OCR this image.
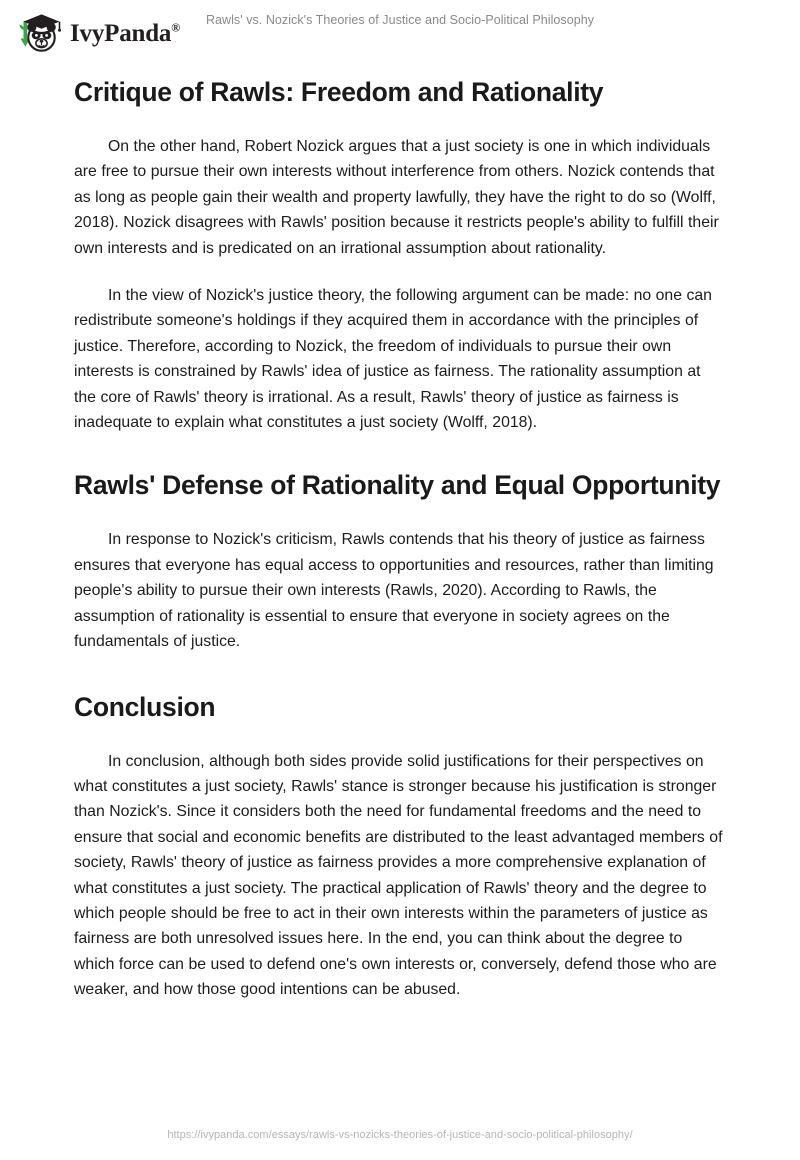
IvyPanda®
Rawls' vs. Nozick's Theories of Justice and Socio-Political Philosophy
Critique of Rawls: Freedom and Rationality

On the other hand, Robert Nozick argues that a just society is one in which individuals are free to pursue their own interests without interference from others. Nozick contends that as long as people gain their wealth and property lawfully, they have the right to do so (Wolff, 2018). Nozick disagrees with Rawls' position because it restricts people's ability to fulfill their own interests and is predicated on an irrational assumption about rationality.

In the view of Nozick's justice theory, the following argument can be made: no one can redistribute someone's holdings if they acquired them in accordance with the principles of justice. Therefore, according to Nozick, the freedom of individuals to pursue their own interests is constrained by Rawls' idea of justice as fairness. The rationality assumption at the core of Rawls' theory is irrational. As a result, Rawls' theory of justice as fairness is inadequate to explain what constitutes a just society (Wolff, 2018).

Rawls' Defense of Rationality and Equal Opportunity

In response to Nozick's criticism, Rawls contends that his theory of justice as fairness ensures that everyone has equal access to opportunities and resources, rather than limiting people's ability to pursue their own interests (Rawls, 2020). According to Rawls, the assumption of rationality is essential to ensure that everyone in society agrees on the fundamentals of justice.

Conclusion

In conclusion, although both sides provide solid justifications for their perspectives on what constitutes a just society, Rawls' stance is stronger because his justification is stronger than Nozick's. Since it considers both the need for fundamental freedoms and the need to ensure that social and economic benefits are distributed to the least advantaged members of society, Rawls' theory of justice as fairness provides a more comprehensive explanation of what constitutes a just society. The practical application of Rawls' theory and the degree to which people should be free to act in their own interests within the parameters of justice as fairness are both unresolved issues here. In the end, you can think about the degree to which force can be used to defend one's own interests or, conversely, defend those who are weaker, and how those good intentions can be abused.

https://ivypanda.com/essays/rawls-vs-nozicks-theories-of-justice-and-socio-political-philosophy/
